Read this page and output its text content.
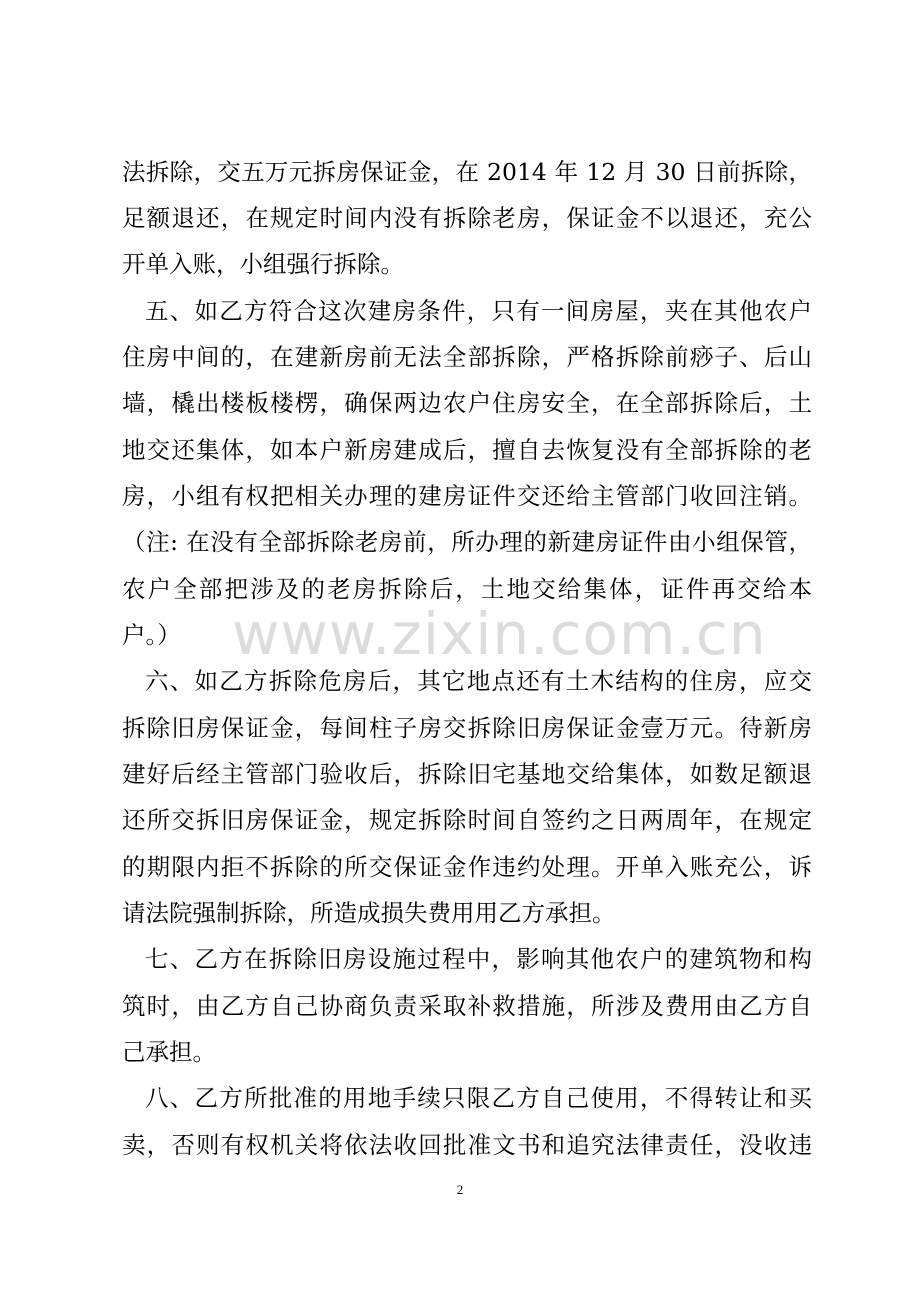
www.zixin.com.cn
法拆除，交五万元拆房保证金，在 2014 年 12 月 30 日前拆除，
足额退还，在规定时间内没有拆除老房，保证金不以退还，充公
开单入账，小组强行拆除。
五、如乙方符合这次建房条件，只有一间房屋，夹在其他农户
住房中间的，在建新房前无法全部拆除，严格拆除前痧子、后山
墙，橇出楼板楼楞，确保两边农户住房安全，在全部拆除后，土
地交还集体，如本户新房建成后，擅自去恢复没有全部拆除的老
房，小组有权把相关办理的建房证件交还给主管部门收回注销。
（注: 在没有全部拆除老房前，所办理的新建房证件由小组保管，
农户全部把涉及的老房拆除后，土地交给集体，证件再交给本
户。）
六、如乙方拆除危房后，其它地点还有土木结构的住房，应交
拆除旧房保证金，每间柱子房交拆除旧房保证金壹万元。待新房
建好后经主管部门验收后，拆除旧宅基地交给集体，如数足额退
还所交拆旧房保证金，规定拆除时间自签约之日两周年，在规定
的期限内拒不拆除的所交保证金作违约处理。开单入账充公，诉
请法院强制拆除，所造成损失费用用乙方承担。
七、乙方在拆除旧房设施过程中，影响其他农户的建筑物和构
筑时，由乙方自己协商负责采取补救措施，所涉及费用由乙方自
己承担。
八、乙方所批准的用地手续只限乙方自己使用，不得转让和买
卖，否则有权机关将依法收回批准文书和追究法律责任，没收违
2
